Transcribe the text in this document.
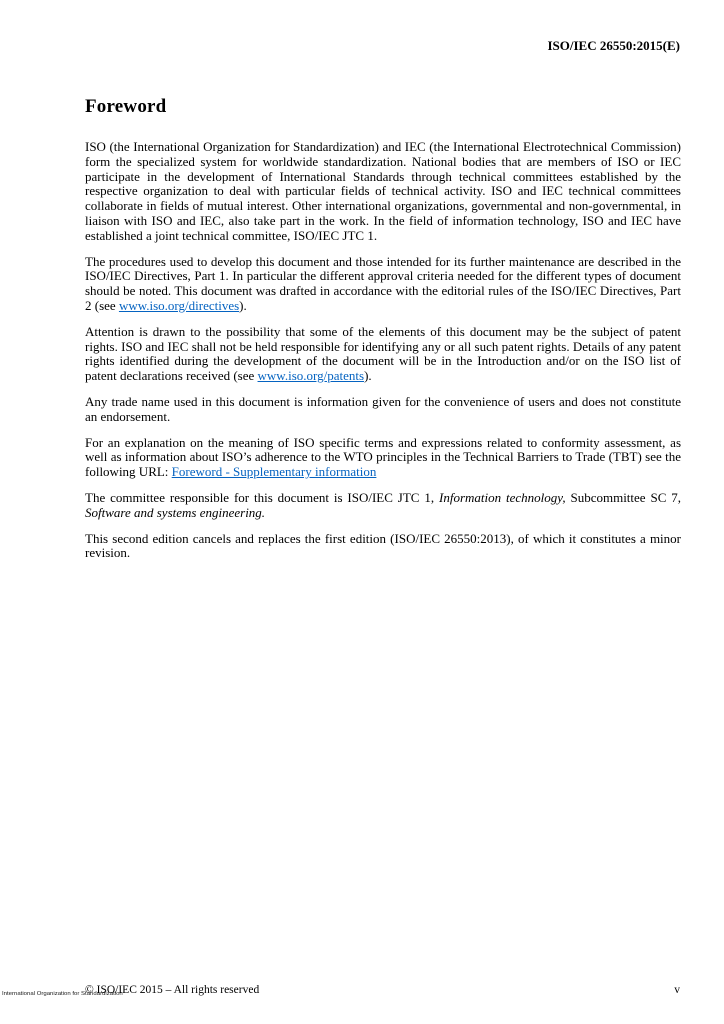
ISO/IEC 26550:2015(E)
Foreword

ISO (the International Organization for Standardization) and IEC (the International Electrotechnical Commission) form the specialized system for worldwide standardization. National bodies that are members of ISO or IEC participate in the development of International Standards through technical committees established by the respective organization to deal with particular fields of technical activity. ISO and IEC technical committees collaborate in fields of mutual interest. Other international organizations, governmental and non-governmental, in liaison with ISO and IEC, also take part in the work. In the field of information technology, ISO and IEC have established a joint technical committee, ISO/IEC JTC 1.

The procedures used to develop this document and those intended for its further maintenance are described in the ISO/IEC Directives, Part 1. In particular the different approval criteria needed for the different types of document should be noted. This document was drafted in accordance with the editorial rules of the ISO/IEC Directives, Part 2 (see www.iso.org/directives).

Attention is drawn to the possibility that some of the elements of this document may be the subject of patent rights. ISO and IEC shall not be held responsible for identifying any or all such patent rights. Details of any patent rights identified during the development of the document will be in the Introduction and/or on the ISO list of patent declarations received (see www.iso.org/patents).

Any trade name used in this document is information given for the convenience of users and does not constitute an endorsement.

For an explanation on the meaning of ISO specific terms and expressions related to conformity assessment, as well as information about ISO’s adherence to the WTO principles in the Technical Barriers to Trade (TBT) see the following URL: Foreword - Supplementary information

The committee responsible for this document is ISO/IEC JTC 1, Information technology, Subcommittee SC 7, Software and systems engineering.

This second edition cancels and replaces the first edition (ISO/IEC 26550:2013), of which it constitutes a minor revision.

International Organization for Standardization
© ISO/IEC 2015 – All rights reserved	v
